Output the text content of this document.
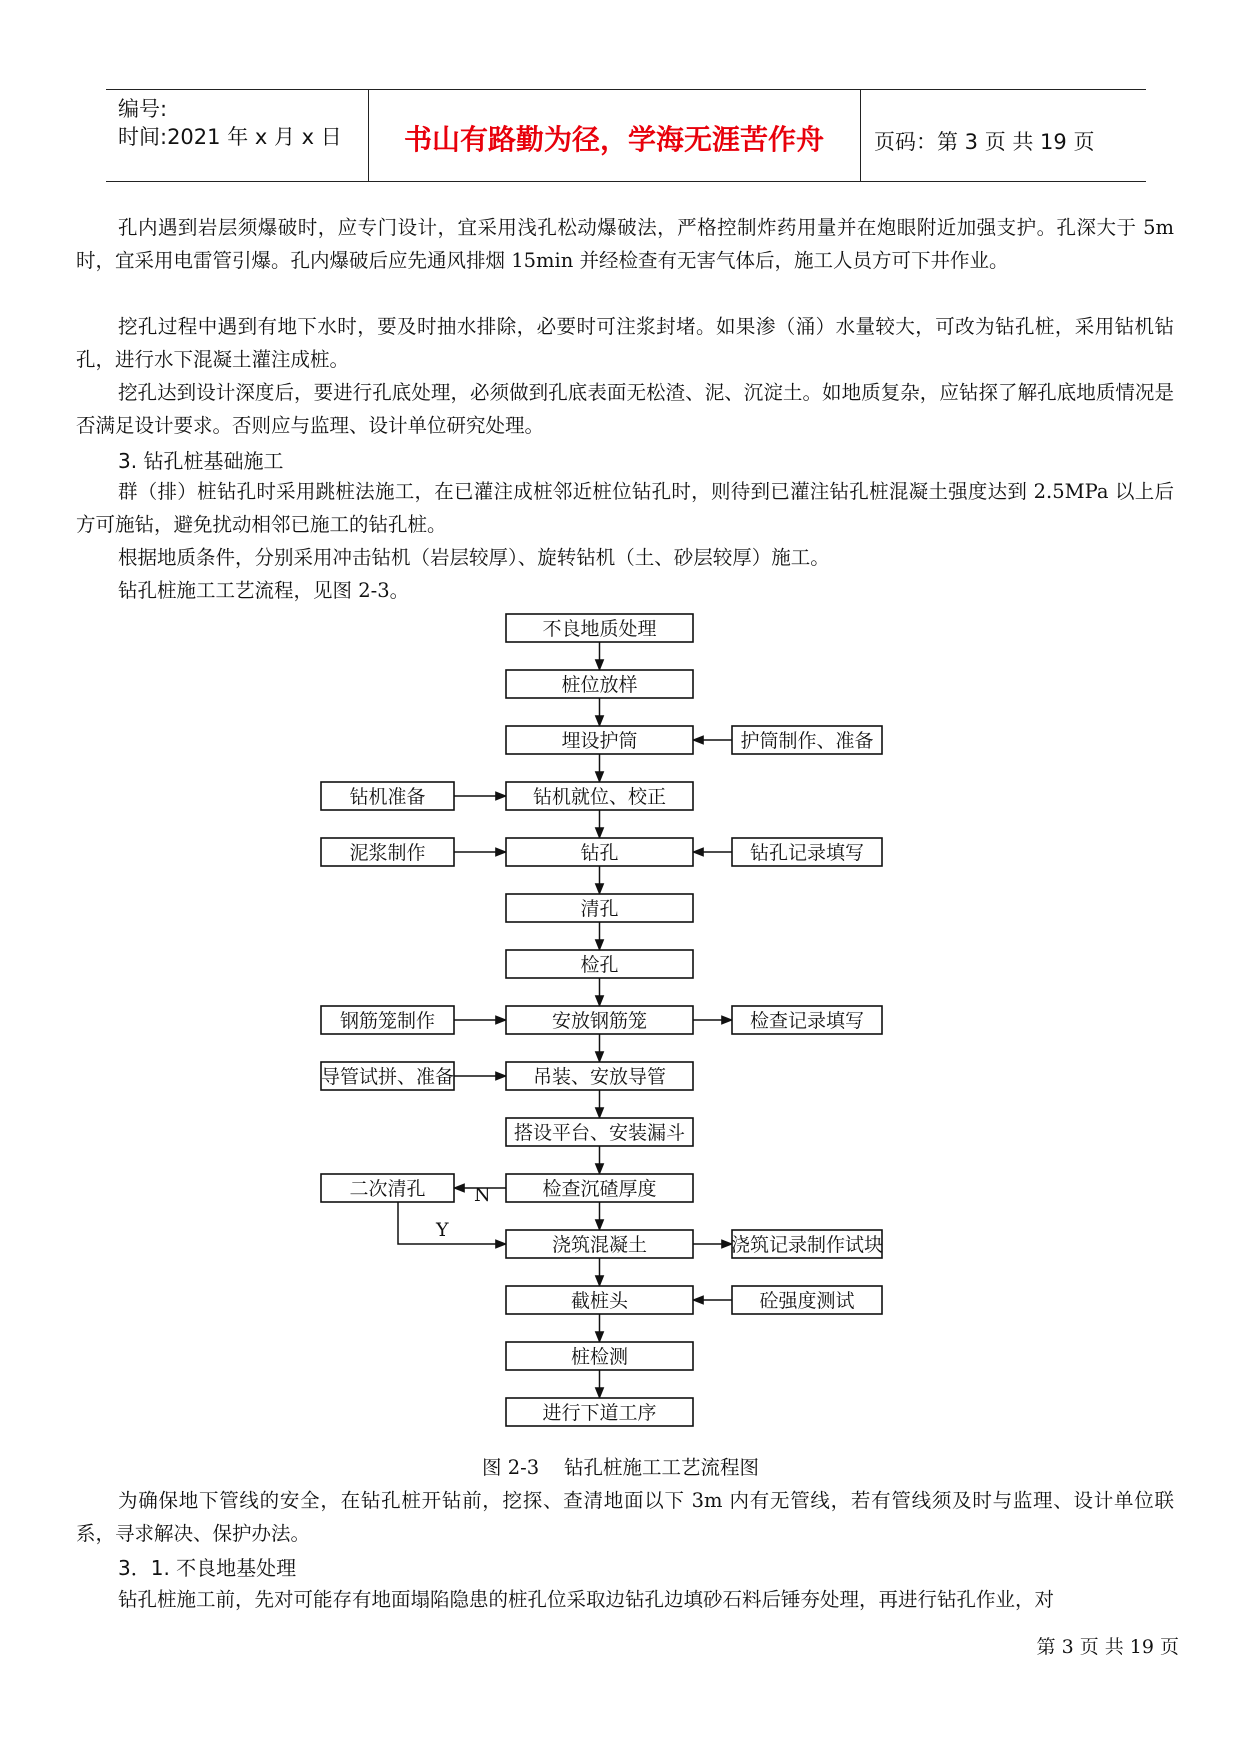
编号:
时间:2021 年 x 月 x 日	书山有路勤为径，学海无涯苦作舟	页码：第 3 页 共 19 页
孔内遇到岩层须爆破时，应专门设计，宜采用浅孔松动爆破法，严格控制炸药用量并在炮眼附近加强支护。孔深大于 5m 时，宜采用电雷管引爆。孔内爆破后应先通风排烟 15min 并经检查有无害气体后，施工人员方可下井作业。
挖孔过程中遇到有地下水时，要及时抽水排除，必要时可注浆封堵。如果渗（涌）水量较大，可改为钻孔桩，采用钻机钻孔，进行水下混凝土灌注成桩。
挖孔达到设计深度后，要进行孔底处理，必须做到孔底表面无松渣、泥、沉淀土。如地质复杂，应钻探了解孔底地质情况是否满足设计要求。否则应与监理、设计单位研究处理。
3. 钻孔桩基础施工
群（排）桩钻孔时采用跳桩法施工，在已灌注成桩邻近桩位钻孔时，则待到已灌注钻孔桩混凝土强度达到 2.5MPa 以上后方可施钻，避免扰动相邻已施工的钻孔桩。
根据地质条件，分别采用冲击钻机（岩层较厚）、旋转钻机（土、砂层较厚）施工。
钻孔桩施工工艺流程，见图 2-3。
不良地质处理
桩位放样
埋设护筒
钻机就位、校正
钻孔
清孔
检孔
安放钢筋笼
吊装、安放导管
搭设平台、安装漏斗
检查沉碴厚度
浇筑混凝土
截桩头
桩检测
进行下道工序
钻机准备
泥浆制作
钢筋笼制作
导管试拼、准备
二次清孔
护筒制作、准备
钻孔记录填写
检查记录填写
浇筑记录制作试块
砼强度测试
N
Y
图 2-3    钻孔桩施工工艺流程图
为确保地下管线的安全，在钻孔桩开钻前，挖探、查清地面以下 3m 内有无管线，若有管线须及时与监理、设计单位联系，寻求解决、保护办法。
3．1. 不良地基处理
钻孔桩施工前，先对可能存有地面塌陷隐患的桩孔位采取边钻孔边填砂石料后锤夯处理，再进行钻孔作业，对
第 3 页 共 19 页
